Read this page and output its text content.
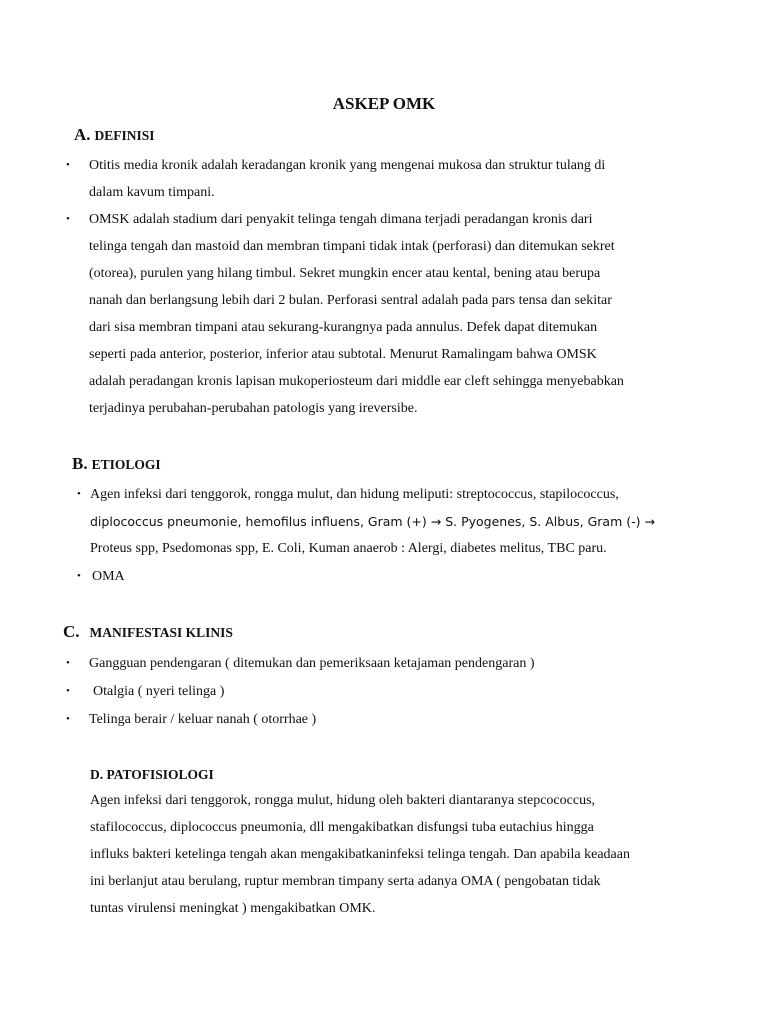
ASKEP OMK
A. DEFINISI
• Otitis media kronik adalah keradangan kronik yang mengenai mukosa dan struktur tulang di
dalam kavum timpani.
• OMSK adalah stadium dari penyakit telinga tengah dimana terjadi peradangan kronis dari
telinga tengah dan mastoid dan membran timpani tidak intak (perforasi) dan ditemukan sekret
(otorea), purulen yang hilang timbul. Sekret mungkin encer atau kental, bening atau berupa
nanah dan berlangsung lebih dari 2 bulan. Perforasi sentral adalah pada pars tensa dan sekitar
dari sisa membran timpani atau sekurang-kurangnya pada annulus. Defek dapat ditemukan
seperti pada anterior, posterior, inferior atau subtotal. Menurut Ramalingam bahwa OMSK
adalah peradangan kronis lapisan mukoperiosteum dari middle ear cleft sehingga menyebabkan
terjadinya perubahan-perubahan patologis yang ireversibe.
B. ETIOLOGI
• Agen infeksi dari tenggorok, rongga mulut, dan hidung meliputi: streptococcus, stapilococcus,
diplococcus pneumonie, hemofilus influens, Gram (+) → S. Pyogenes, S. Albus, Gram (-) →
Proteus spp, Psedomonas spp, E. Coli, Kuman anaerob : Alergi, diabetes melitus, TBC paru.
• OMA
C. MANIFESTASI KLINIS
• Gangguan pendengaran ( ditemukan dan pemeriksaan ketajaman pendengaran )
• Otalgia ( nyeri telinga )
• Telinga berair / keluar nanah ( otorrhae )
D. PATOFISIOLOGI
Agen infeksi dari tenggorok, rongga mulut, hidung oleh bakteri diantaranya stepcococcus,
stafilococcus, diplococcus pneumonia, dll mengakibatkan disfungsi tuba eutachius hingga
influks bakteri ketelinga tengah akan mengakibatkaninfeksi telinga tengah. Dan apabila keadaan
ini berlanjut atau berulang, ruptur membran timpany serta adanya OMA ( pengobatan tidak
tuntas virulensi meningkat ) mengakibatkan OMK.
